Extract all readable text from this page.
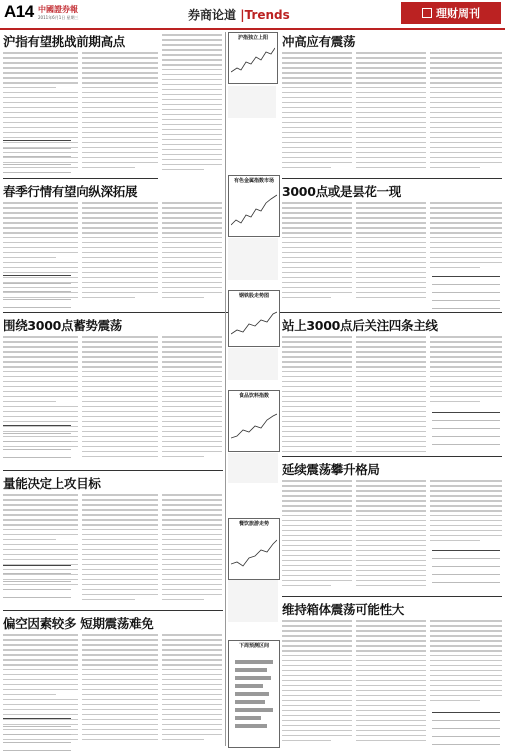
A14 中國證券報
2011年6月1日 星期三	券商论道 |Trends	理财周刊
沪指有望挑战前期高点
春季行情有望向纵深拓展
围绕3000点蓄势震荡
量能决定上攻目标
偏空因素较多 短期震荡难免
沪指独立上阳
有色金属指数市场
钢铁股走势图
食品饮料指数
餐饮旅游走势
下周预测区间
冲高应有震荡
3000点或是昙花一现
站上3000点后关注四条主线
延续震荡攀升格局
维持箱体震荡可能性大
